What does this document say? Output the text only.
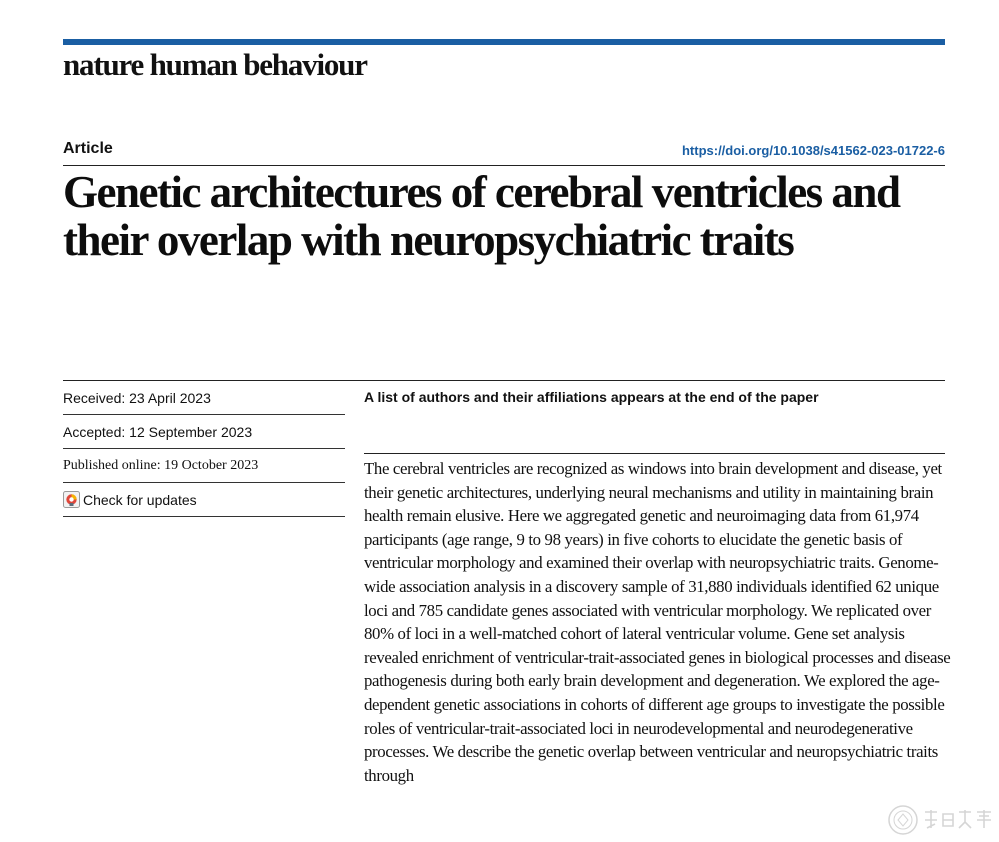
nature human behaviour
Article	https://doi.org/10.1038/s41562-023-01722-6
Genetic architectures of cerebral ventricles and their overlap with neuropsychiatric traits
Received: 23 April 2023
Accepted: 12 September 2023
Published online: 19 October 2023
Check for updates
A list of authors and their affiliations appears at the end of the paper

The cerebral ventricles are recognized as windows into brain development and disease, yet their genetic architectures, underlying neural mechanisms and utility in maintaining brain health remain elusive. Here we aggregated genetic and neuroimaging data from 61,974 participants (age range, 9 to 98 years) in five cohorts to elucidate the genetic basis of ventricular morphology and examined their overlap with neuropsychiatric traits. Genome-wide association analysis in a discovery sample of 31,880 individuals identified 62 unique loci and 785 candidate genes associated with ventricular morphology. We replicated over 80% of loci in a well-matched cohort of lateral ventricular volume. Gene set analysis revealed enrichment of ventricular-trait-associated genes in biological processes and disease pathogenesis during both early brain development and degeneration. We explored the age-dependent genetic associations in cohorts of different age groups to investigate the possible roles of ventricular-trait-associated loci in neurodevelopmental and neurodegenerative processes. We describe the genetic overlap between ventricular and neuropsychiatric traits through
